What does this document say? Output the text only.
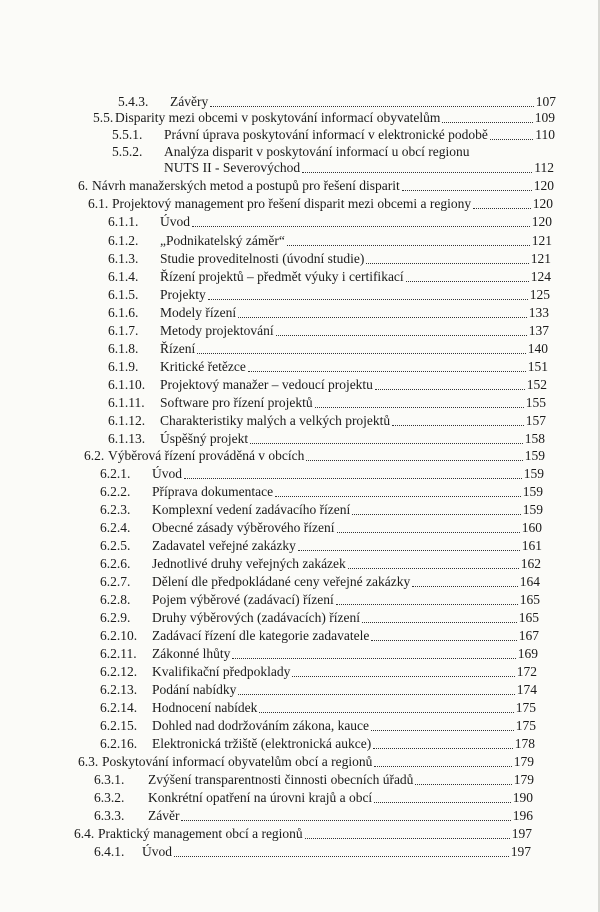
5.4.3.	Závěry	107
5.5. Disparity mezi obcemi v poskytování informací obyvatelům	109
5.5.1.	Právní úprava poskytování informací v elektronické podobě	110
5.5.2.	Analýza disparit v poskytování informací u obcí regionu
NUTS II - Severovýchod	112
6. Návrh manažerských metod a postupů pro řešení disparit	120
6.1. Projektový management pro řešení disparit mezi obcemi a regiony	120
6.1.1.	Úvod	120
6.1.2.	„Podnikatelský záměr“	121
6.1.3.	Studie proveditelnosti (úvodní studie)	121
6.1.4.	Řízení projektů – předmět výuky i certifikací	124
6.1.5.	Projekty	125
6.1.6.	Modely řízení	133
6.1.7.	Metody projektování	137
6.1.8.	Řízení	140
6.1.9.	Kritické řetězce	151
6.1.10.	Projektový manažer – vedoucí projektu	152
6.1.11.	Software pro řízení projektů	155
6.1.12.	Charakteristiky malých a velkých projektů	157
6.1.13.	Úspěšný projekt	158
6.2. Výběrová řízení prováděná v obcích	159
6.2.1.	Úvod	159
6.2.2.	Příprava dokumentace	159
6.2.3.	Komplexní vedení zadávacího řízení	159
6.2.4.	Obecné zásady výběrového řízení	160
6.2.5.	Zadavatel veřejné zakázky	161
6.2.6.	Jednotlivé druhy veřejných zakázek	162
6.2.7.	Dělení dle předpokládané ceny veřejné zakázky	164
6.2.8.	Pojem výběrové (zadávací) řízení	165
6.2.9.	Druhy výběrových (zadávacích) řízení	165
6.2.10.	Zadávací řízení dle kategorie zadavatele	167
6.2.11.	Zákonné lhůty	169
6.2.12.	Kvalifikační předpoklady	172
6.2.13.	Podání nabídky	174
6.2.14.	Hodnocení nabídek	175
6.2.15.	Dohled nad dodržováním zákona, kauce	175
6.2.16.	Elektronická tržiště (elektronická aukce)	178
6.3. Poskytování informací obyvatelům obcí a regionů	179
6.3.1.	Zvýšení transparentnosti činnosti obecních úřadů	179
6.3.2.	Konkrétní opatření na úrovni krajů a obcí	190
6.3.3.	Závěr	196
6.4. Praktický management obcí a regionů	197
6.4.1.	Úvod	197
